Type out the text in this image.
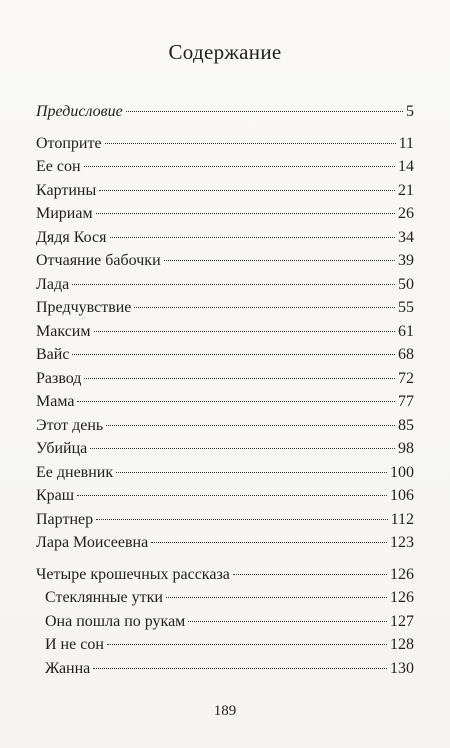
Содержание
Предисловие	5
Отоприте	11
Ее сон	14
Картины	21
Мириам	26
Дядя Кося	34
Отчаяние бабочки	39
Лада	50
Предчувствие	55
Максим	61
Вайс	68
Развод	72
Мама	77
Этот день	85
Убийца	98
Ее дневник	100
Краш	106
Партнер	112
Лара Моисеевна	123
Четыре крошечных рассказа	126
Стеклянные утки	126
Она пошла по рукам	127
И не сон	128
Жанна	130
189
